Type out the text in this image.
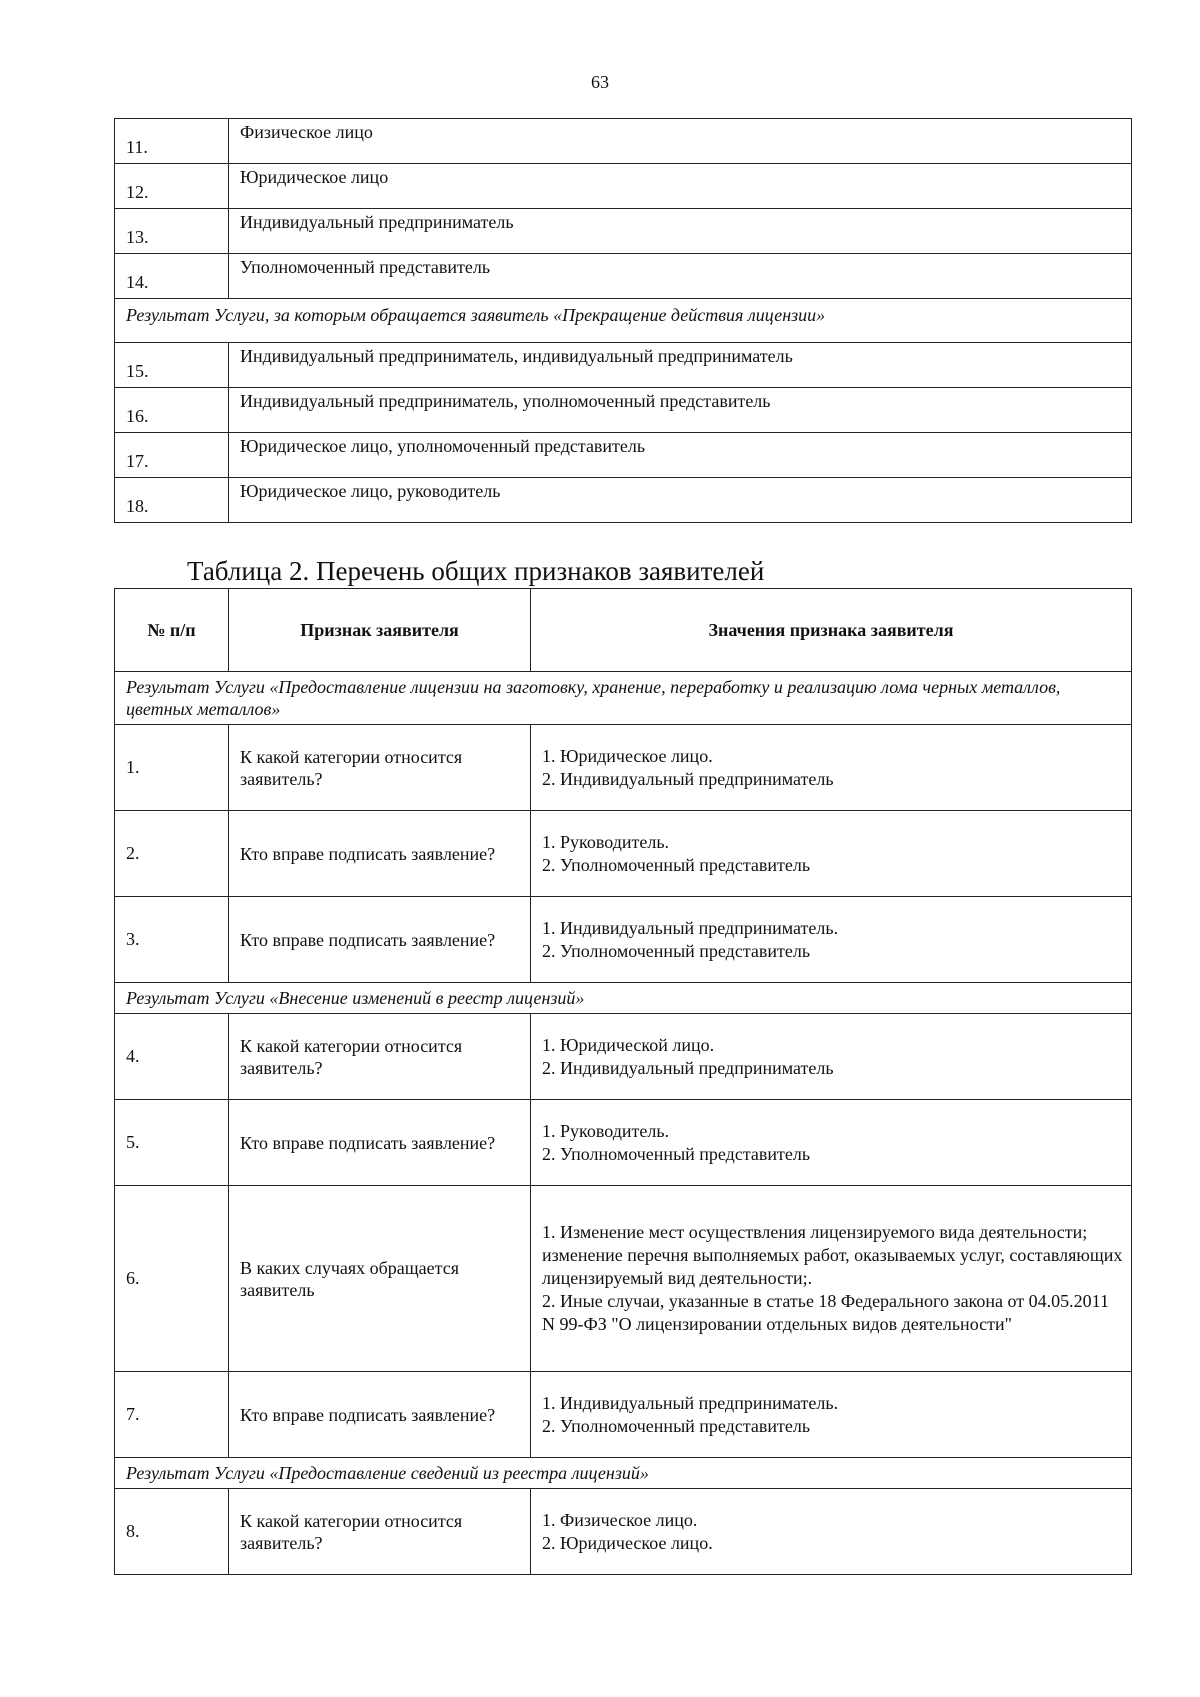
63
11.	Физическое лицо
12.	Юридическое лицо
13.	Индивидуальный предприниматель
14.	Уполномоченный представитель
Результат Услуги, за которым обращается заявитель «Прекращение действия лицензии»	
15.	Индивидуальный предприниматель, индивидуальный предприниматель
16.	Индивидуальный предприниматель, уполномоченный представитель
17.	Юридическое лицо, уполномоченный представитель
18.	Юридическое лицо, руководитель
Таблица 2. Перечень общих признаков заявителей
№ п/п	Признак заявителя	Значения признака заявителя
Результат Услуги «Предоставление лицензии на заготовку, хранение, переработку и реализацию лома черных металлов, цветных металлов»		
1.	К какой категории относится заявитель?	1. Юридическое лицо.
2. Индивидуальный предприниматель

2.	Кто вправе подписать заявление?	1. Руководитель.
2. Уполномоченный представитель

3.	Кто вправе подписать заявление?	1. Индивидуальный предприниматель.
2. Уполномоченный представитель

Результат Услуги «Внесение изменений в реестр лицензий»		
4.	К какой категории относится заявитель?	1. Юридической лицо.
2. Индивидуальный предприниматель

5.	Кто вправе подписать заявление?	1. Руководитель.
2. Уполномоченный представитель

6.	В каких случаях обращается заявитель	1. Изменение мест осуществления лицензируемого вида деятельности; изменение перечня выполняемых работ, оказываемых услуг, составляющих лицензируемый вид деятельности;.
2. Иные случаи, указанные в статье 18 Федерального закона от 04.05.2011 N 99-ФЗ "О лицензировании отдельных видов деятельности"

7.	Кто вправе подписать заявление?	1. Индивидуальный предприниматель.
2. Уполномоченный представитель

Результат Услуги «Предоставление сведений из реестра лицензий»		
8.	К какой категории относится заявитель?	1. Физическое лицо.
2. Юридическое лицо.
